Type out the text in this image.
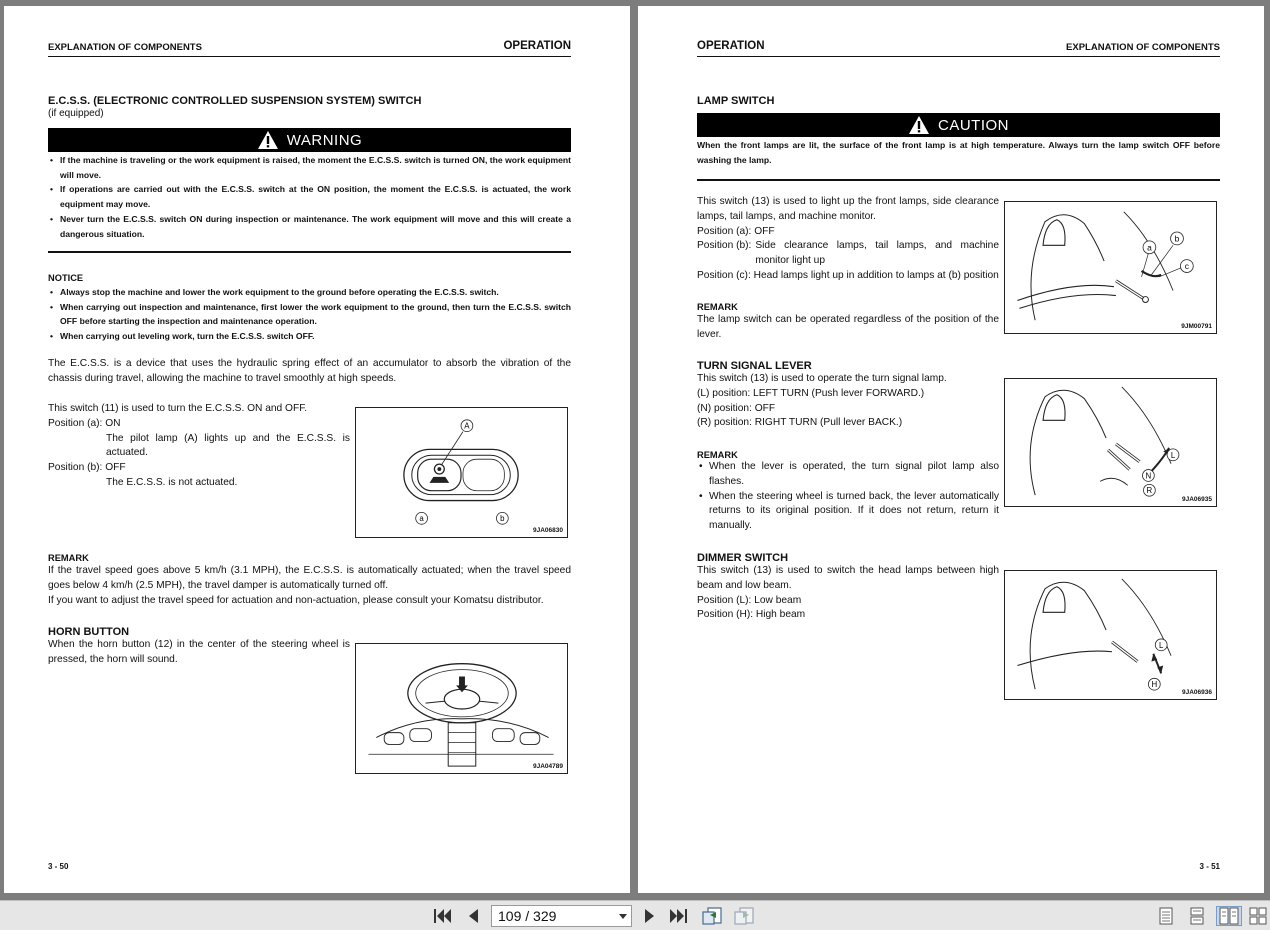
EXPLANATION OF COMPONENTS	OPERATION
E.C.S.S. (ELECTRONIC CONTROLLED SUSPENSION SYSTEM) SWITCH
(if equipped)
WARNING
• If the machine is traveling or the work equipment is raised, the moment the E.C.S.S. switch is turned ON, the work equipment will move.
• If operations are carried out with the E.C.S.S. switch at the ON position, the moment the E.C.S.S. is actuated, the work equipment may move.
• Never turn the E.C.S.S. switch ON during inspection or maintenance. The work equipment will move and this will create a dangerous situation.
NOTICE
• Always stop the machine and lower the work equipment to the ground before operating the E.C.S.S. switch.
• When carrying out inspection and maintenance, first lower the work equipment to the ground, then turn the E.C.S.S. switch OFF before starting the inspection and maintenance operation.
• When carrying out leveling work, turn the E.C.S.S. switch OFF.
The E.C.S.S. is a device that uses the hydraulic spring effect of an accumulator to absorb the vibration of the chassis during travel, allowing the machine to travel smoothly at high speeds.
This switch (11) is used to turn the E.C.S.S. ON and OFF.
Position (a):
ON
The pilot lamp (A) lights up and the E.C.S.S. is actuated.
Position (b):
OFF
The E.C.S.S. is not actuated.
A
a	b
9JA06830
REMARK
If the travel speed goes above 5 km/h (3.1 MPH), the E.C.S.S. is automatically actuated; when the travel speed goes below 4 km/h (2.5 MPH), the travel damper is automatically turned off.
If you want to adjust the travel speed for actuation and non-actuation, please consult your Komatsu distributor.
HORN BUTTON
When the horn button (12) in the center of the steering wheel is pressed, the horn will sound.
9JA04789
3 - 50
OPERATION	EXPLANATION OF COMPONENTS
LAMP SWITCH
CAUTION
When the front lamps are lit, the surface of the front lamp is at high temperature. Always turn the lamp switch OFF before washing the lamp.
This switch (13) is used to light up the front lamps, side clearance lamps, tail lamps, and machine monitor.
Position (a): OFF
Position (b): Side clearance lamps, tail lamps, and machine monitor light up
Position (c): Head lamps light up in addition to lamps at (b) position
REMARK
The lamp switch can be operated regardless of the position of the lever.
a
b
c
9JM00791
TURN SIGNAL LEVER
This switch (13) is used to operate the turn signal lamp.
(L) position: LEFT TURN (Push lever FORWARD.)
(N) position: OFF
(R) position: RIGHT TURN (Pull lever BACK.)
REMARK
• When the lever is operated, the turn signal pilot lamp also flashes.
• When the steering wheel is turned back, the lever automatically returns to its original position. If it does not return, return it manually.
L
N
R
9JA06935
DIMMER SWITCH
This switch (13) is used to switch the head lamps between high beam and low beam.
Position (L): Low beam
Position (H): High beam
L
H
9JA06936
3 - 51
109 / 329
